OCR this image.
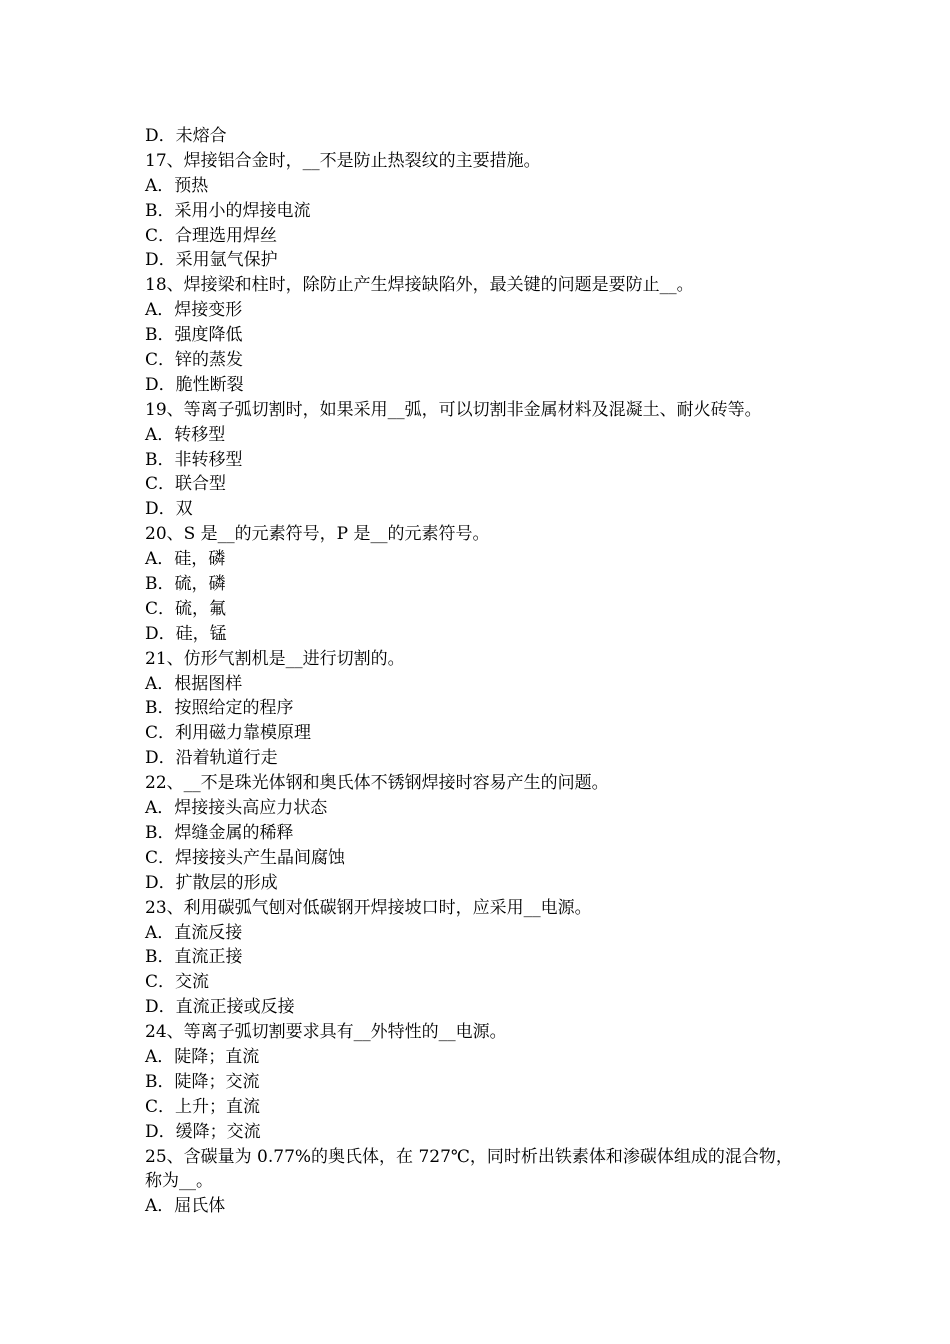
D．未熔合
17、焊接铝合金时，__不是防止热裂纹的主要措施。
A．预热
B．采用小的焊接电流
C．合理选用焊丝
D．采用氩气保护
18、焊接梁和柱时，除防止产生焊接缺陷外，最关键的问题是要防止__。
A．焊接变形
B．强度降低
C．锌的蒸发
D．脆性断裂
19、等离子弧切割时，如果采用__弧，可以切割非金属材料及混凝土、耐火砖等。
A．转移型
B．非转移型
C．联合型
D．双
20、S 是__的元素符号，P 是__的元素符号。
A．硅，磷
B．硫，磷
C．硫，氟
D．硅，锰
21、仿形气割机是__进行切割的。
A．根据图样
B．按照给定的程序
C．利用磁力靠模原理
D．沿着轨道行走
22、__不是珠光体钢和奥氏体不锈钢焊接时容易产生的问题。
A．焊接接头高应力状态
B．焊缝金属的稀释
C．焊接接头产生晶间腐蚀
D．扩散层的形成
23、利用碳弧气刨对低碳钢开焊接坡口时，应采用__电源。
A．直流反接
B．直流正接
C．交流
D．直流正接或反接
24、等离子弧切割要求具有__外特性的__电源。
A．陡降；直流
B．陡降；交流
C．上升；直流
D．缓降；交流
25、含碳量为 0.77%的奥氏体，在 727℃，同时析出铁素体和渗碳体组成的混合物，
称为__。
A．屈氏体
